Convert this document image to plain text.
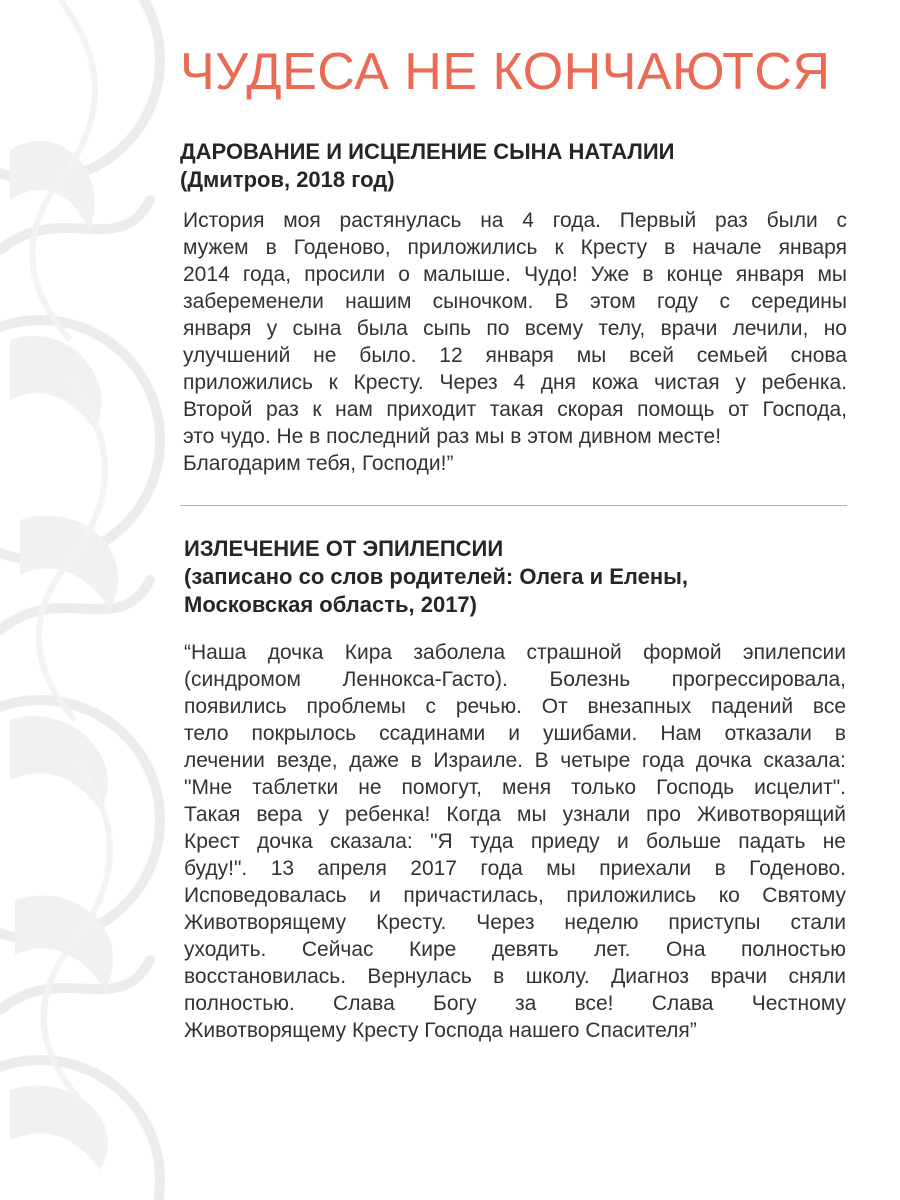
ЧУДЕСА НЕ КОНЧАЮТСЯ
ДАРОВАНИЕ И ИСЦЕЛЕНИЕ СЫНА НАТАЛИИ
(Дмитров, 2018 год)
История моя растянулась на 4 года. Первый раз были с
мужем в Годеново, приложились к Кресту в начале января
2014 года, просили о малыше. Чудо! Уже в конце января мы
забеременели нашим сыночком. В этом году с середины
января у сына была сыпь по всему телу, врачи лечили, но
улучшений не было. 12 января мы всей семьей снова
приложились к Кресту. Через 4 дня кожа чистая у ребенка.
Второй раз к нам приходит такая скорая помощь от Господа,
это чудо. Не в последний раз мы в этом дивном месте!
Благодарим тебя, Господи!”
ИЗЛЕЧЕНИЕ ОТ ЭПИЛЕПСИИ
(записано со слов родителей: Олега и Елены,
Московская область, 2017)
“Наша дочка Кира заболела страшной формой эпилепсии
(синдромом Леннокса-Гасто). Болезнь прогрессировала,
появились проблемы с речью. От внезапных падений все
тело покрылось ссадинами и ушибами. Нам отказали в
лечении везде, даже в Израиле. В четыре года дочка сказала:
"Мне таблетки не помогут, меня только Господь исцелит".
Такая вера у ребенка! Когда мы узнали про Животворящий
Крест дочка сказала: "Я туда приеду и больше падать не
буду!". 13 апреля 2017 года мы приехали в Годеново.
Исповедовалась и причастилась, приложились ко Святому
Животворящему Кресту. Через неделю приступы стали
уходить. Сейчас Кире девять лет. Она полностью
восстановилась. Вернулась в школу. Диагноз врачи сняли
полностью. Слава Богу за все! Слава Честному
Животворящему Кресту Господа нашего Спасителя”
